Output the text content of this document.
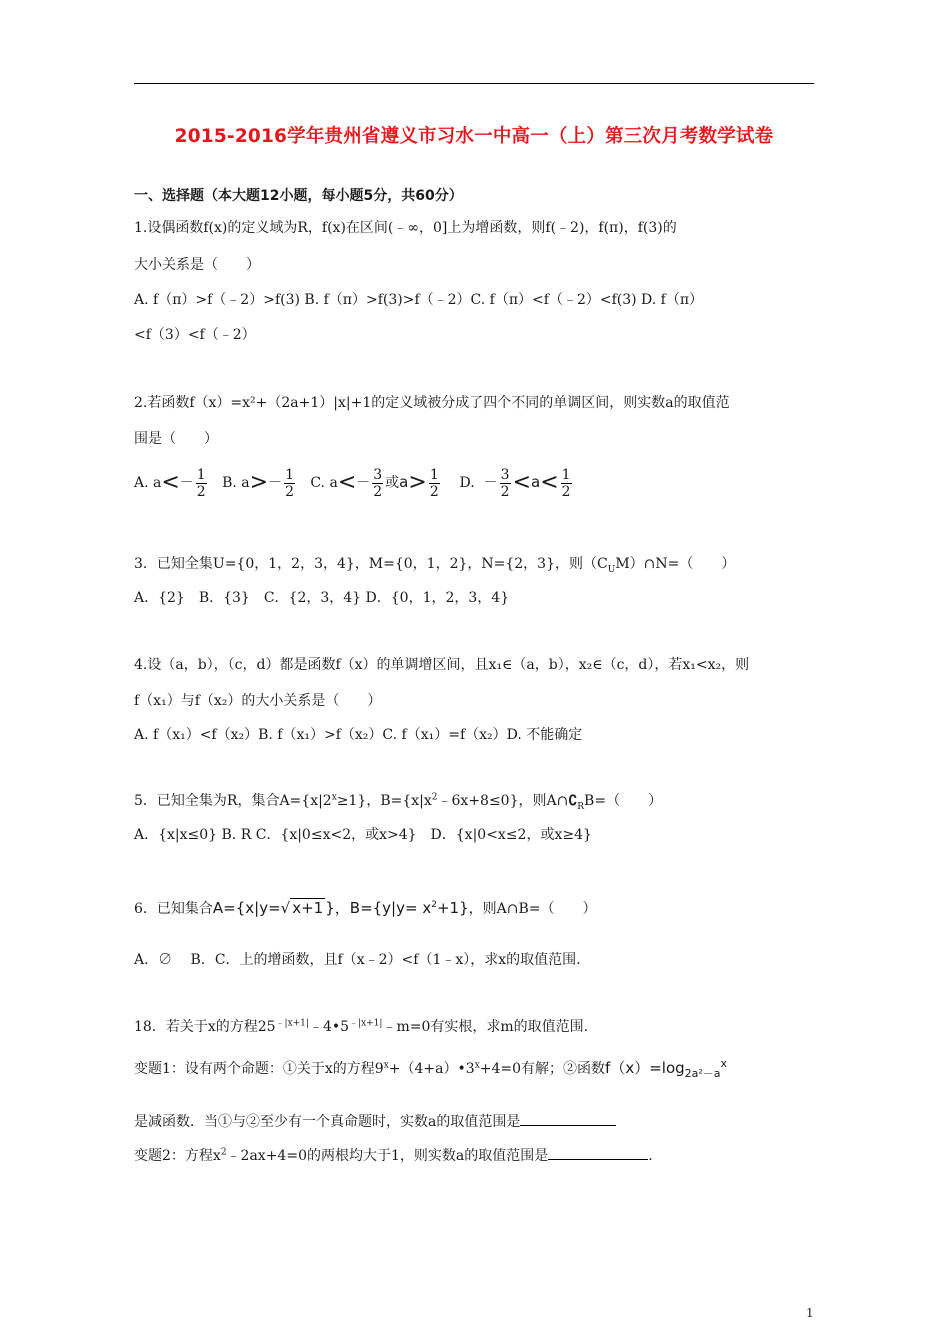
2015-2016学年贵州省遵义市习水一中高一（上）第三次月考数学试卷
一、选择题（本大题12小题，每小题5分，共60分）
1.设偶函数f(x)的定义域为R，f(x)在区间(﹣∞，0]上为增函数，则f(﹣2)，f(π)，f(3)的
大小关系是（　　）
A. f（π）>f（﹣2）>f(3) B. f（π）>f(3)>f（﹣2）C. f（π）<f（﹣2）<f(3) D. f（π）
<f（3）<f（﹣2）
2.若函数f（x）=x²+（2a+1）|x|+1的定义域被分成了四个不同的单调区间，则实数a的取值范
围是（　　）
A. $a<- \frac{1}{2} B$. $a>- \frac{1}{2} C$. $a<- \frac{3}{2}$ 或$a> \frac{1}{2} D$. － $\frac{3}{2} <a< \frac{1}{2}$
3．已知全集U={0，1，2，3，4}，M={0，1，2}，N={2，3}，则$(C_UM)\cap N=$（　　）
A．{2}　B．{3}　C．{2，3，4} D．{0，1，2，3，4}
4.设（a，b），（c，d）都是函数f（x）的单调增区间，且x₁∈（a，b），x₂∈（c，d），若x₁<x₂，则
f（x₁）与f（x₂）的大小关系是（　　）
A. f（x₁）<f（x₂）B. f（x₁）>f（x₂）C. f（x₁）=f（x₂）D. 不能确定
5．已知全集为R，集合$A=\{x|2^x\ge 1\}$，$B=\{x|x^2﹣6x+8\le 0\}$，则$A\cap∁_RB=$（　　）
A．{x|x≤0} B. R C．{x|0≤x<2，或x>4}　D．{x|0<x≤2，或x≥4}
6．已知集合A={x|y=√ x+1 }，$B=\{y|y= x^2+1\}$，则A∩B=（　　）
A．∅　 B．C．上的增函数，且f（x﹣2）<f（1﹣x），求x的取值范围.
18．若关于x的方程$25^{﹣|x+1|}﹣4•5^{﹣|x+1|}﹣m=0$有实根，求m的取值范围.
变题1：设有两个命题：①关于x的方程$9^x+(4+a)•3^x+4=0$有解；②函数$f(x)=\log_{2a^2-a}^x$
是减函数．当①与②至少有一个真命题时，实数a的取值范围是
变题2：方程$x^2﹣2ax+4=0$的两根均大于1，则实数a的取值范围是	.
1
